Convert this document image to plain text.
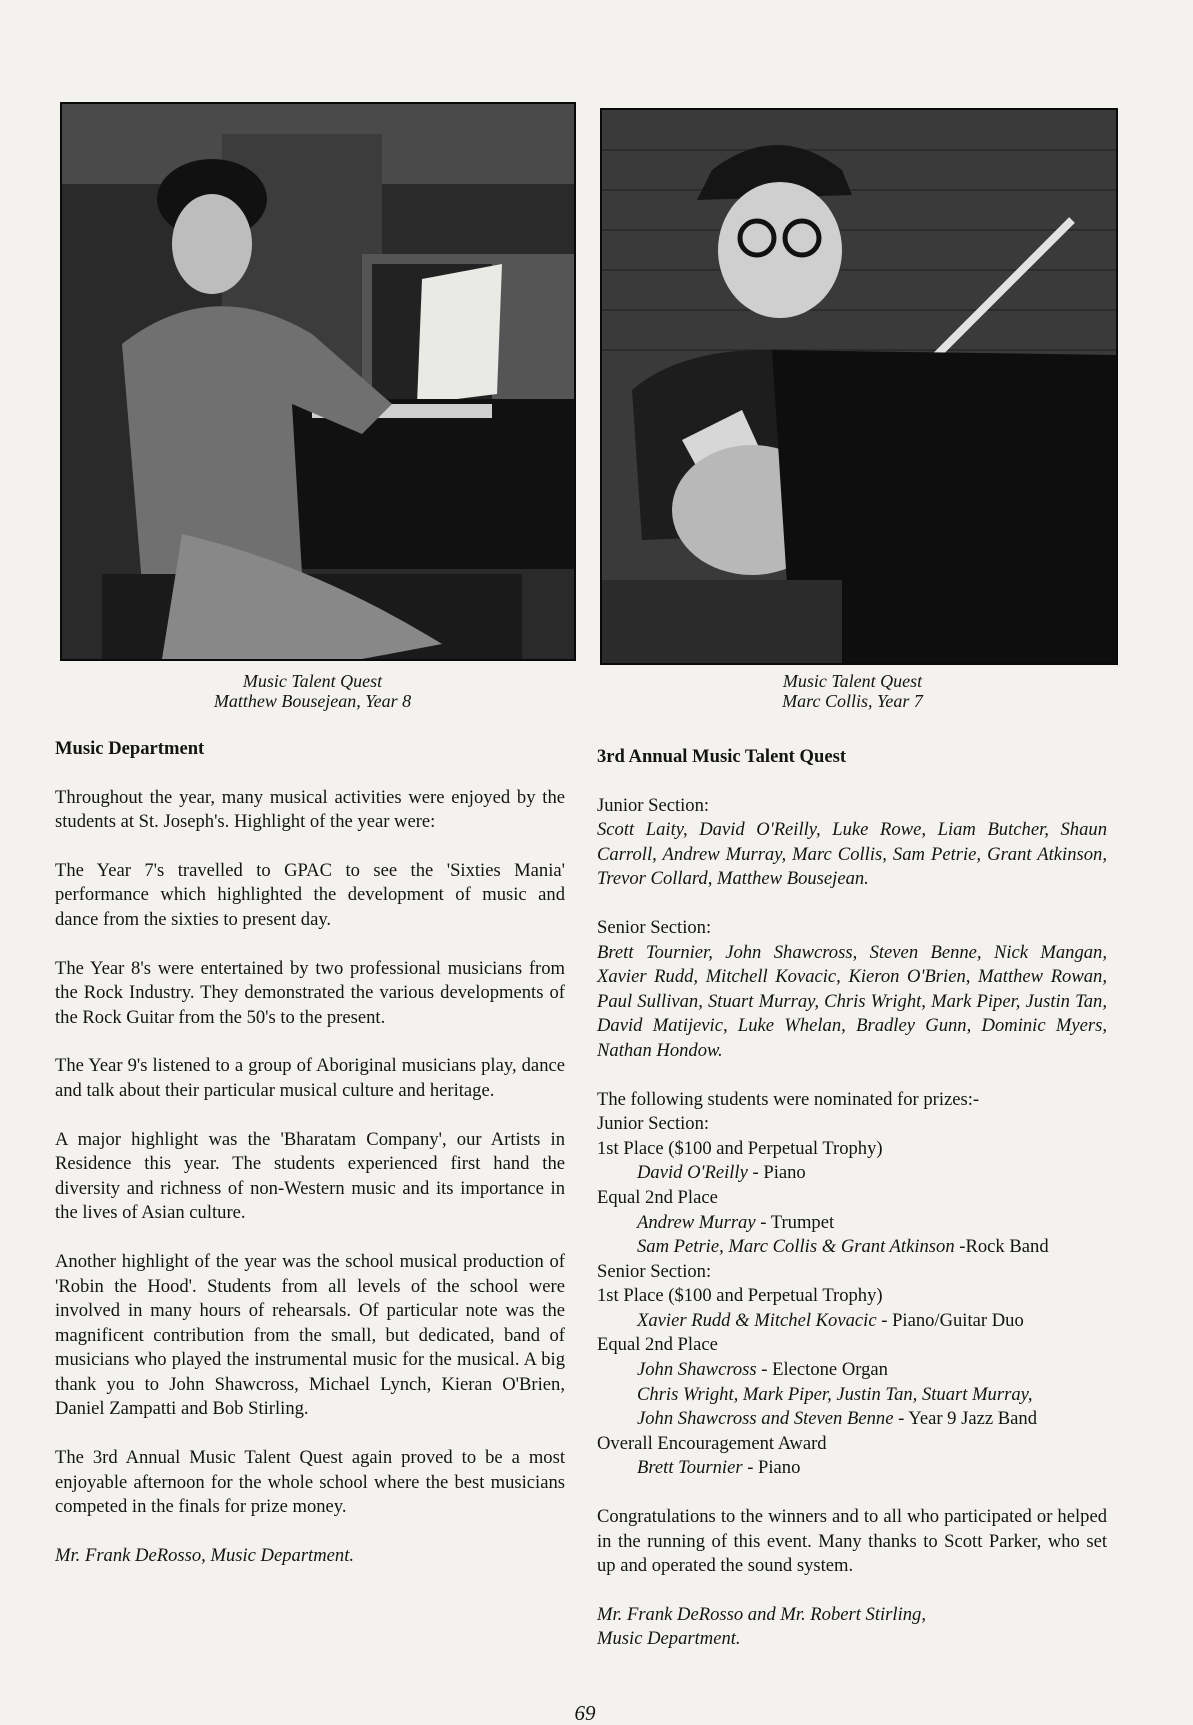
Music Talent Quest
Matthew Bousejean, Year 8
Music Talent Quest
Marc Collis, Year 7

Music Department

Throughout the year, many musical activities were enjoyed by the students at St. Joseph's. Highlight of the year were:

The Year 7's travelled to GPAC to see the 'Sixties Mania' performance which highlighted the development of music and dance from the sixties to present day.

The Year 8's were entertained by two professional musicians from the Rock Industry. They demonstrated the various developments of the Rock Guitar from the 50's to the present.

The Year 9's listened to a group of Aboriginal musicians play, dance and talk about their particular musical culture and heritage.

A major highlight was the 'Bharatam Company', our Artists in Residence this year. The students experienced first hand the diversity and richness of non-Western music and its importance in the lives of Asian culture.

Another highlight of the year was the school musical production of 'Robin the Hood'. Students from all levels of the school were involved in many hours of rehearsals. Of particular note was the magnificent contribution from the small, but dedicated, band of musicians who played the instrumental music for the musical. A big thank you to John Shawcross, Michael Lynch, Kieran O'Brien, Daniel Zampatti and Bob Stirling.

The 3rd Annual Music Talent Quest again proved to be a most enjoyable afternoon for the whole school where the best musicians competed in the finals for prize money.

Mr. Frank DeRosso, Music Department.

3rd Annual Music Talent Quest

Junior Section:

Scott Laity, David O'Reilly, Luke Rowe, Liam Butcher, Shaun Carroll, Andrew Murray, Marc Collis, Sam Petrie, Grant Atkinson, Trevor Collard, Matthew Bousejean.

Senior Section:

Brett Tournier, John Shawcross, Steven Benne, Nick Mangan, Xavier Rudd, Mitchell Kovacic, Kieron O'Brien, Matthew Rowan, Paul Sullivan, Stuart Murray, Chris Wright, Mark Piper, Justin Tan, David Matijevic, Luke Whelan, Bradley Gunn, Dominic Myers, Nathan Hondow.

The following students were nominated for prizes:-
Junior Section:
1st Place ($100 and Perpetual Trophy)
David O'Reilly - Piano
Equal 2nd Place
Andrew Murray - Trumpet
Sam Petrie, Marc Collis & Grant Atkinson -Rock Band
Senior Section:
1st Place ($100 and Perpetual Trophy)
Xavier Rudd & Mitchel Kovacic - Piano/Guitar Duo
Equal 2nd Place
John Shawcross - Electone Organ
Chris Wright, Mark Piper, Justin Tan, Stuart Murray,
John Shawcross and Steven Benne - Year 9 Jazz Band
Overall Encouragement Award
Brett Tournier - Piano

Congratulations to the winners and to all who participated or helped in the running of this event. Many thanks to Scott Parker, who set up and operated the sound system.

Mr. Frank DeRosso and Mr. Robert Stirling,

Music Department.

69
